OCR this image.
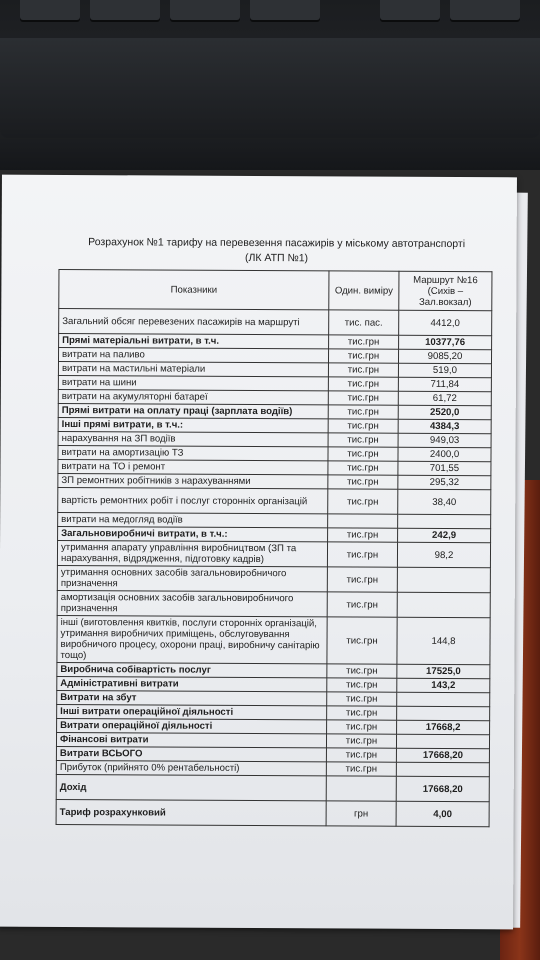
Розрахунок №1 тарифу на перевезення пасажирів у міському автотранспорті
(ЛК АТП №1)
Показники	Один. виміру	Маршрут №16 (Сихів – Зал.вокзал)
Загальний обсяг перевезених пасажирів на маршруті	тис. пас.	4412,0
Прямі матеріальні витрати, в т.ч.	тис.грн	10377,76
витрати на паливо	тис.грн	9085,20
витрати на мастильні матеріали	тис.грн	519,0
витрати на шини	тис.грн	711,84
витрати на акумуляторні батареї	тис.грн	61,72
Прямі витрати на оплату праці (зарплата водіїв)	тис.грн	2520,0
Інші прямі витрати, в т.ч.:	тис.грн	4384,3
нарахування на ЗП водіїв	тис.грн	949,03
витрати на амортизацію ТЗ	тис.грн	2400,0
витрати на ТО і ремонт	тис.грн	701,55
ЗП ремонтних робітників з нарахуваннями	тис.грн	295,32
вартість ремонтних робіт і послуг сторонніх організацій	тис.грн	38,40
витрати на медогляд водіїв		
Загальновиробничі витрати, в т.ч.:	тис.грн	242,9
утримання апарату управління виробництвом (ЗП та нарахування, відрядження, підготовку кадрів)	тис.грн	98,2
утримання основних засобів загальновиробничого призначення	тис.грн	
амортизація основних засобів загальновиробничого призначення	тис.грн	
інші (виготовлення квитків, послуги сторонніх організацій, утримання виробничих приміщень, обслуговування виробничого процесу, охорони праці, виробничу санітарію тощо)	тис.грн	144,8
Виробнича собівартість послуг	тис.грн	17525,0
Адміністративні витрати	тис.грн	143,2
Витрати на збут	тис.грн	
Інші витрати операційної діяльності	тис.грн	
Витрати операційної діяльності	тис.грн	17668,2
Фінансові витрати	тис.грн	
Витрати ВСЬОГО	тис.грн	17668,20
Прибуток (прийнято 0% рентабельності)	тис.грн	
Дохід		17668,20
Тариф розрахунковий	грн	4,00
